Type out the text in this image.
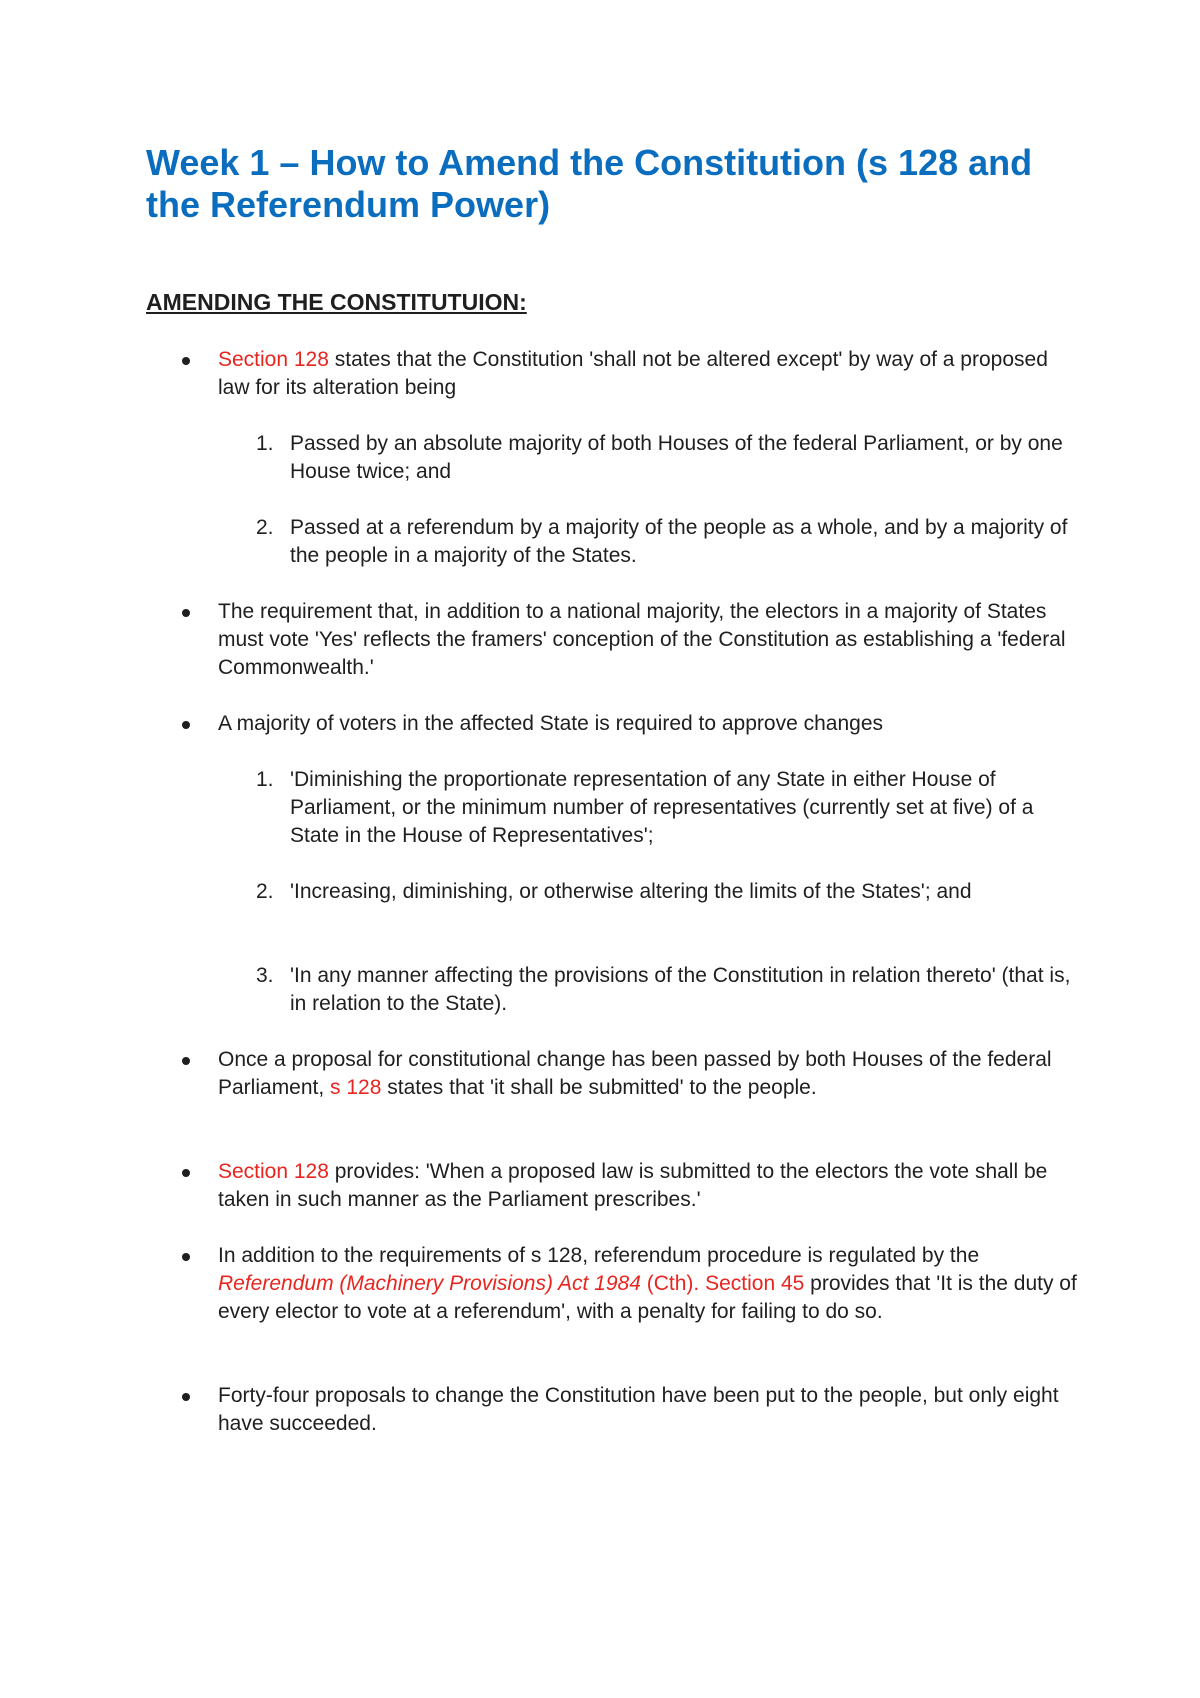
Week 1 – How to Amend the Constitution (s 128 and the Referendum Power)
AMENDING THE CONSTITUTUION:

Section 128 states that the Constitution 'shall not be altered except' by way of a proposed law for its alteration being

1. Passed by an absolute majority of both Houses of the federal Parliament, or by one House twice; and

2. Passed at a referendum by a majority of the people as a whole, and by a majority of the people in a majority of the States.

The requirement that, in addition to a national majority, the electors in a majority of States must vote 'Yes' reflects the framers' conception of the Constitution as establishing a 'federal Commonwealth.'

A majority of voters in the affected State is required to approve changes

1. 'Diminishing the proportionate representation of any State in either House of Parliament, or the minimum number of representatives (currently set at five) of a State in the House of Representatives';

2. 'Increasing, diminishing, or otherwise altering the limits of the States'; and

3. 'In any manner affecting the provisions of the Constitution in relation thereto' (that is, in relation to the State).

Once a proposal for constitutional change has been passed by both Houses of the federal Parliament, s 128 states that 'it shall be submitted' to the people.

Section 128 provides: 'When a proposed law is submitted to the electors the vote shall be taken in such manner as the Parliament prescribes.'

In addition to the requirements of s 128, referendum procedure is regulated by the Referendum (Machinery Provisions) Act 1984 (Cth). Section 45 provides that 'It is the duty of every elector to vote at a referendum', with a penalty for failing to do so.

Forty-four proposals to change the Constitution have been put to the people, but only eight have succeeded.
